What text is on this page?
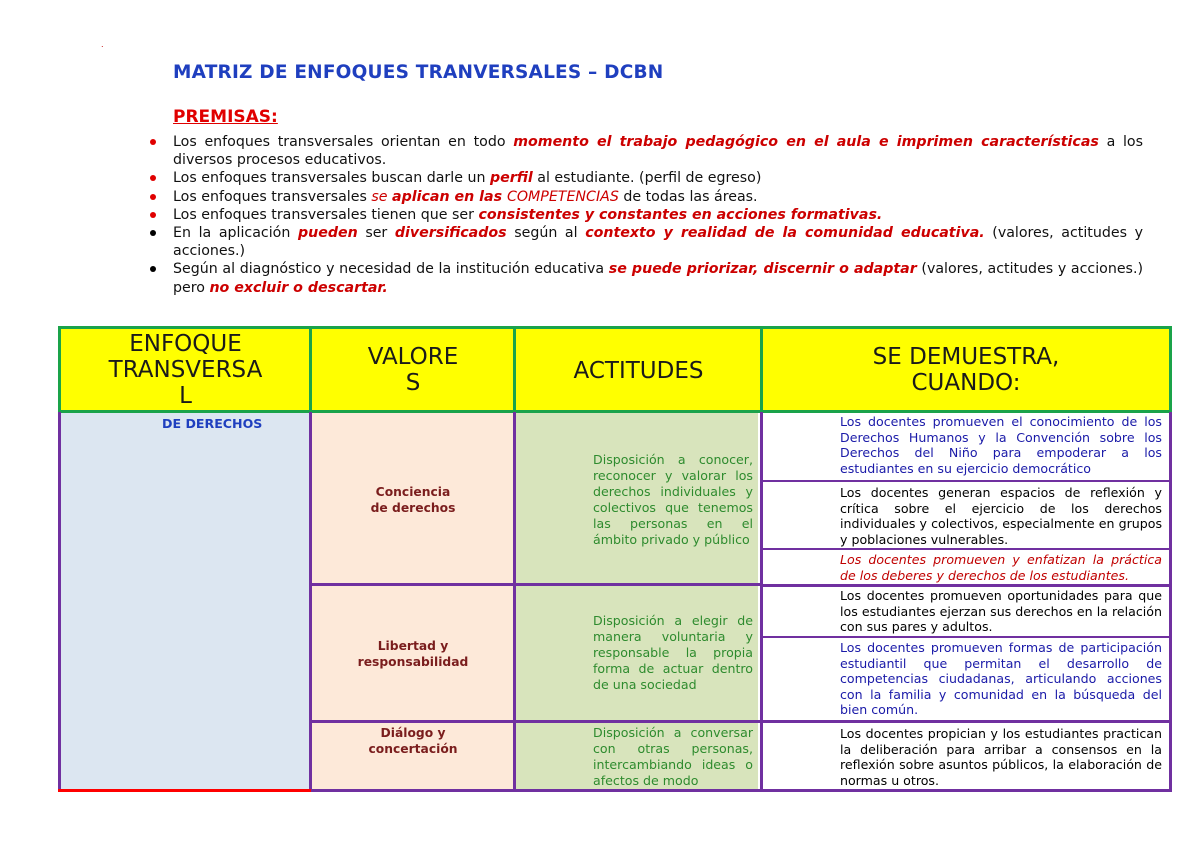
.
MATRIZ DE ENFOQUES TRANVERSALES – DCBN
PREMISAS:
Los enfoques transversales orientan en todo momento el trabajo pedagógico en el aula e imprimen características a los diversos procesos educativos.
Los enfoques transversales buscan darle un perfil al estudiante. (perfil de egreso)
Los enfoques transversales se aplican en las COMPETENCIAS de todas las áreas.
Los enfoques transversales tienen que ser consistentes y constantes en acciones formativas.
En la aplicación pueden ser diversificados según al contexto y realidad de la comunidad educativa. (valores, actitudes y acciones.)
Según al diagnóstico y necesidad de la institución educativa se puede priorizar, discernir o adaptar (valores, actitudes y acciones.) pero no excluir o descartar.
ENFOQUE
TRANSVERSA
L
VALORE
S	ACTITUDES
SE DEMUESTRA,
CUANDO:
DE DERECHOS
Conciencia
de derechos
Disposición a conocer, reconocer y valorar los derechos individuales y colectivos que tenemos las personas en el ámbito privado y público
Los docentes promueven el conocimiento de los Derechos Humanos y la Convención sobre los Derechos del Niño para empoderar a los estudiantes en su ejercicio democrático
Los docentes generan espacios de reflexión y crítica sobre el ejercicio de los derechos individuales y colectivos, especialmente en grupos y poblaciones vulnerables.
Los docentes promueven y enfatizan la práctica de los deberes y derechos de los estudiantes.
Libertad y
responsabilidad
Disposición a elegir de manera voluntaria y responsable la propia forma de actuar dentro de una sociedad
Los docentes promueven oportunidades para que los estudiantes ejerzan sus derechos en la relación con sus pares y adultos.
Los docentes promueven formas de participación estudiantil que permitan el desarrollo de competencias ciudadanas, articulando acciones con la familia y comunidad en la búsqueda del bien común.
Diálogo y
concertación
Disposición a conversar con otras personas, intercambiando ideas o afectos de modo
Los docentes propician y los estudiantes practican la deliberación para arribar a consensos en la reflexión sobre asuntos públicos, la elaboración de normas u otros.
